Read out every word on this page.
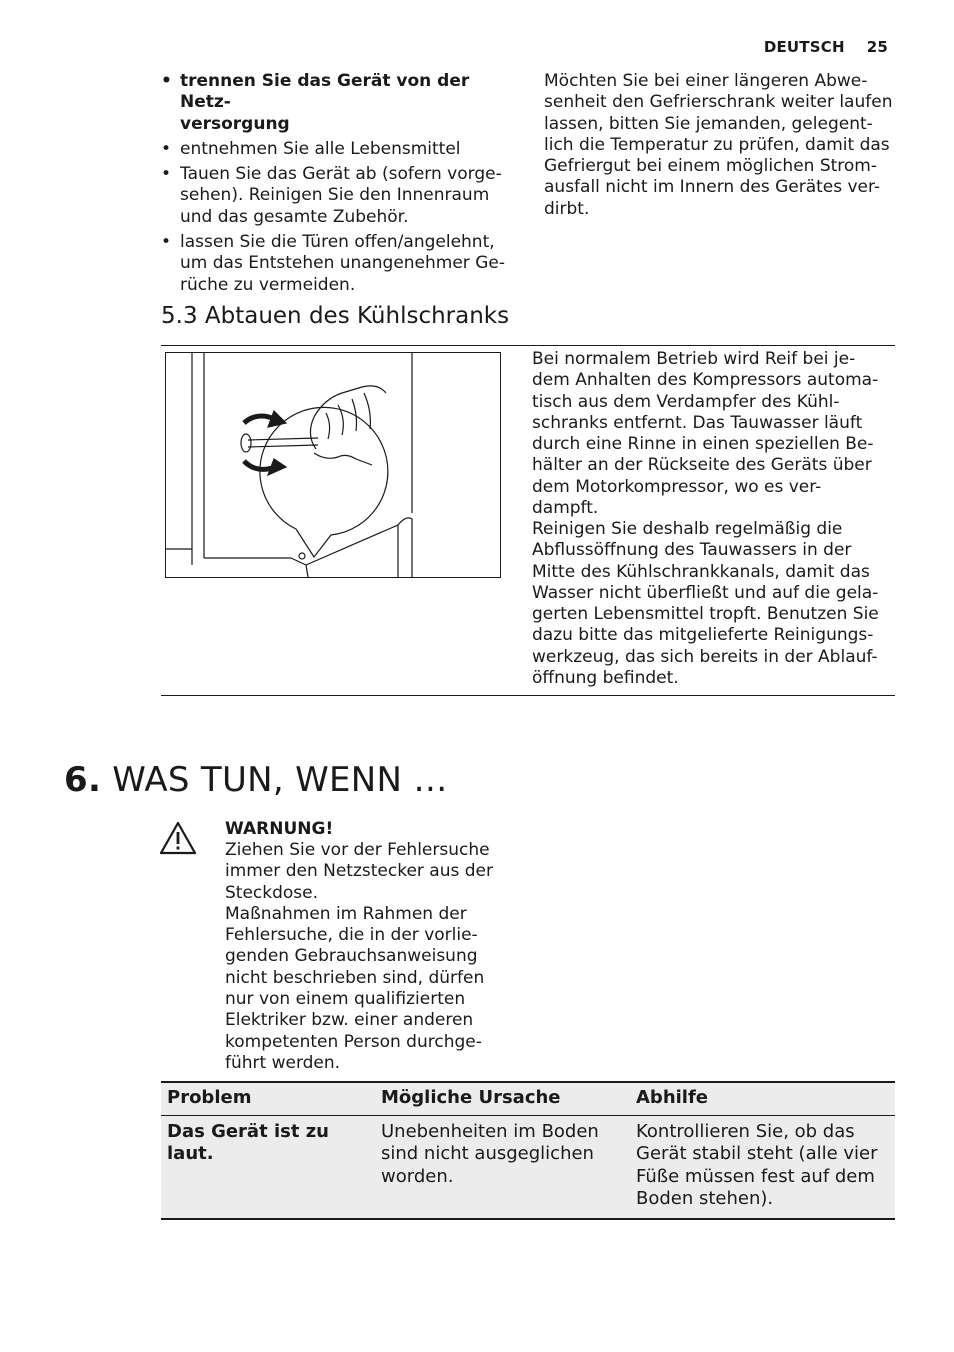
DEUTSCH 25
• trennen Sie das Gerät von der Netz-
versorgung
• entnehmen Sie alle Lebensmittel
• Tauen Sie das Gerät ab (sofern vorge-
sehen). Reinigen Sie den Innenraum
und das gesamte Zubehör.
• lassen Sie die Türen offen/angelehnt,
um das Entstehen unangenehmer Ge-
rüche zu vermeiden.
Möchten Sie bei einer längeren Abwe-
senheit den Gefrierschrank weiter laufen
lassen, bitten Sie jemanden, gelegent-
lich die Temperatur zu prüfen, damit das
Gefriergut bei einem möglichen Strom-
ausfall nicht im Innern des Gerätes ver-
dirbt.
5.3 Abtauen des Kühlschranks
Bei normalem Betrieb wird Reif bei je-
dem Anhalten des Kompressors automa-
tisch aus dem Verdampfer des Kühl-
schranks entfernt. Das Tauwasser läuft
durch eine Rinne in einen speziellen Be-
hälter an der Rückseite des Geräts über
dem Motorkompressor, wo es ver-
dampft.
Reinigen Sie deshalb regelmäßig die
Abflussöffnung des Tauwassers in der
Mitte des Kühlschrankkanals, damit das
Wasser nicht überfließt und auf die gela-
gerten Lebensmittel tropft. Benutzen Sie
dazu bitte das mitgelieferte Reinigungs-
werkzeug, das sich bereits in der Ablauf-
öffnung befindet.
6. WAS TUN, WENN …
WARNUNG!
Ziehen Sie vor der Fehlersuche
immer den Netzstecker aus der
Steckdose.
Maßnahmen im Rahmen der
Fehlersuche, die in der vorlie-
genden Gebrauchsanweisung
nicht beschrieben sind, dürfen
nur von einem qualifizierten
Elektriker bzw. einer anderen
kompetenten Person durchge-
führt werden.
Problem	Mögliche Ursache	Abhilfe
Das Gerät ist zu
laut.	Unebenheiten im Boden
sind nicht ausgeglichen
worden.	Kontrollieren Sie, ob das
Gerät stabil steht (alle vier
Füße müssen fest auf dem
Boden stehen).
